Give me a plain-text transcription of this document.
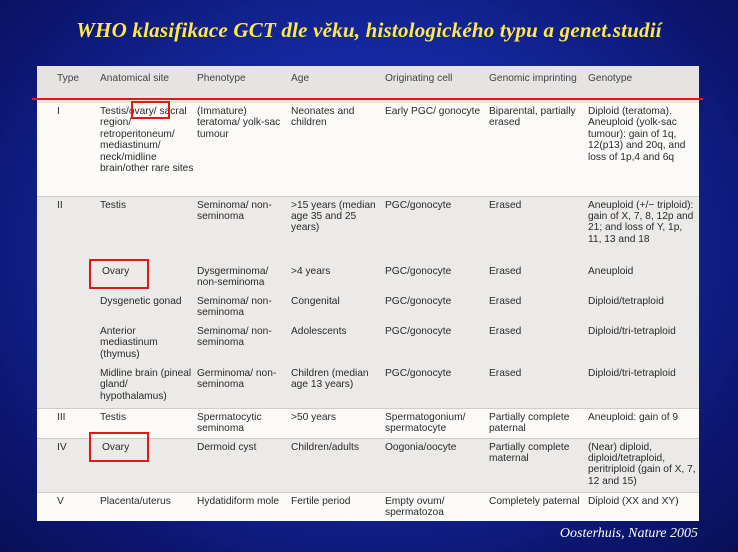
WHO klasifikace GCT dle věku, histologického typu a genet.studií
Type	Anatomical site	Phenotype	Age	Originating cell	Genomic imprinting	Genotype
I	Testis/ovary/ sacral region/ retroperitoneum/ mediastinum/ neck/midline brain/other rare sites	(Immature) teratoma/ yolk-sac tumour	Neonates and children	Early PGC/ gonocyte	Biparental, partially erased	Diploid (teratoma). Aneuploid (yolk-sac tumour): gain of 1q, 12(p13) and 20q, and loss of 1p,4 and 6q
II	Testis	Seminoma/ non-seminoma	>15 years (median age 35 and 25 years)	PGC/gonocyte	Erased	Aneuploid (+/− triploid): gain of X, 7, 8, 12p and 21; and loss of Y, 1p, 11, 13 and 18
	Ovary	Dysgerminoma/ non-seminoma	>4 years	PGC/gonocyte	Erased	Aneuploid
	Dysgenetic gonad	Seminoma/ non-seminoma	Congenital	PGC/gonocyte	Erased	Diploid/tetraploid
	Anterior mediastinum (thymus)	Seminoma/ non-seminoma	Adolescents	PGC/gonocyte	Erased	Diploid/tri-tetraploid
	Midline brain (pineal gland/ hypothalamus)	Germinoma/ non-seminoma	Children (median age 13 years)	PGC/gonocyte	Erased	Diploid/tri-tetraploid
III	Testis	Spermatocytic seminoma	>50 years	Spermatogonium/ spermatocyte	Partially complete paternal	Aneuploid: gain of 9
IV	Ovary	Dermoid cyst	Children/adults	Oogonia/oocyte	Partially complete maternal	(Near) diploid, diploid/tetraploid, peritriploid (gain of X, 7, 12 and 15)
V	Placenta/uterus	Hydatidiform mole	Fertile period	Empty ovum/ spermatozoa	Completely paternal	Diploid (XX and XY)
Oosterhuis, Nature 2005
